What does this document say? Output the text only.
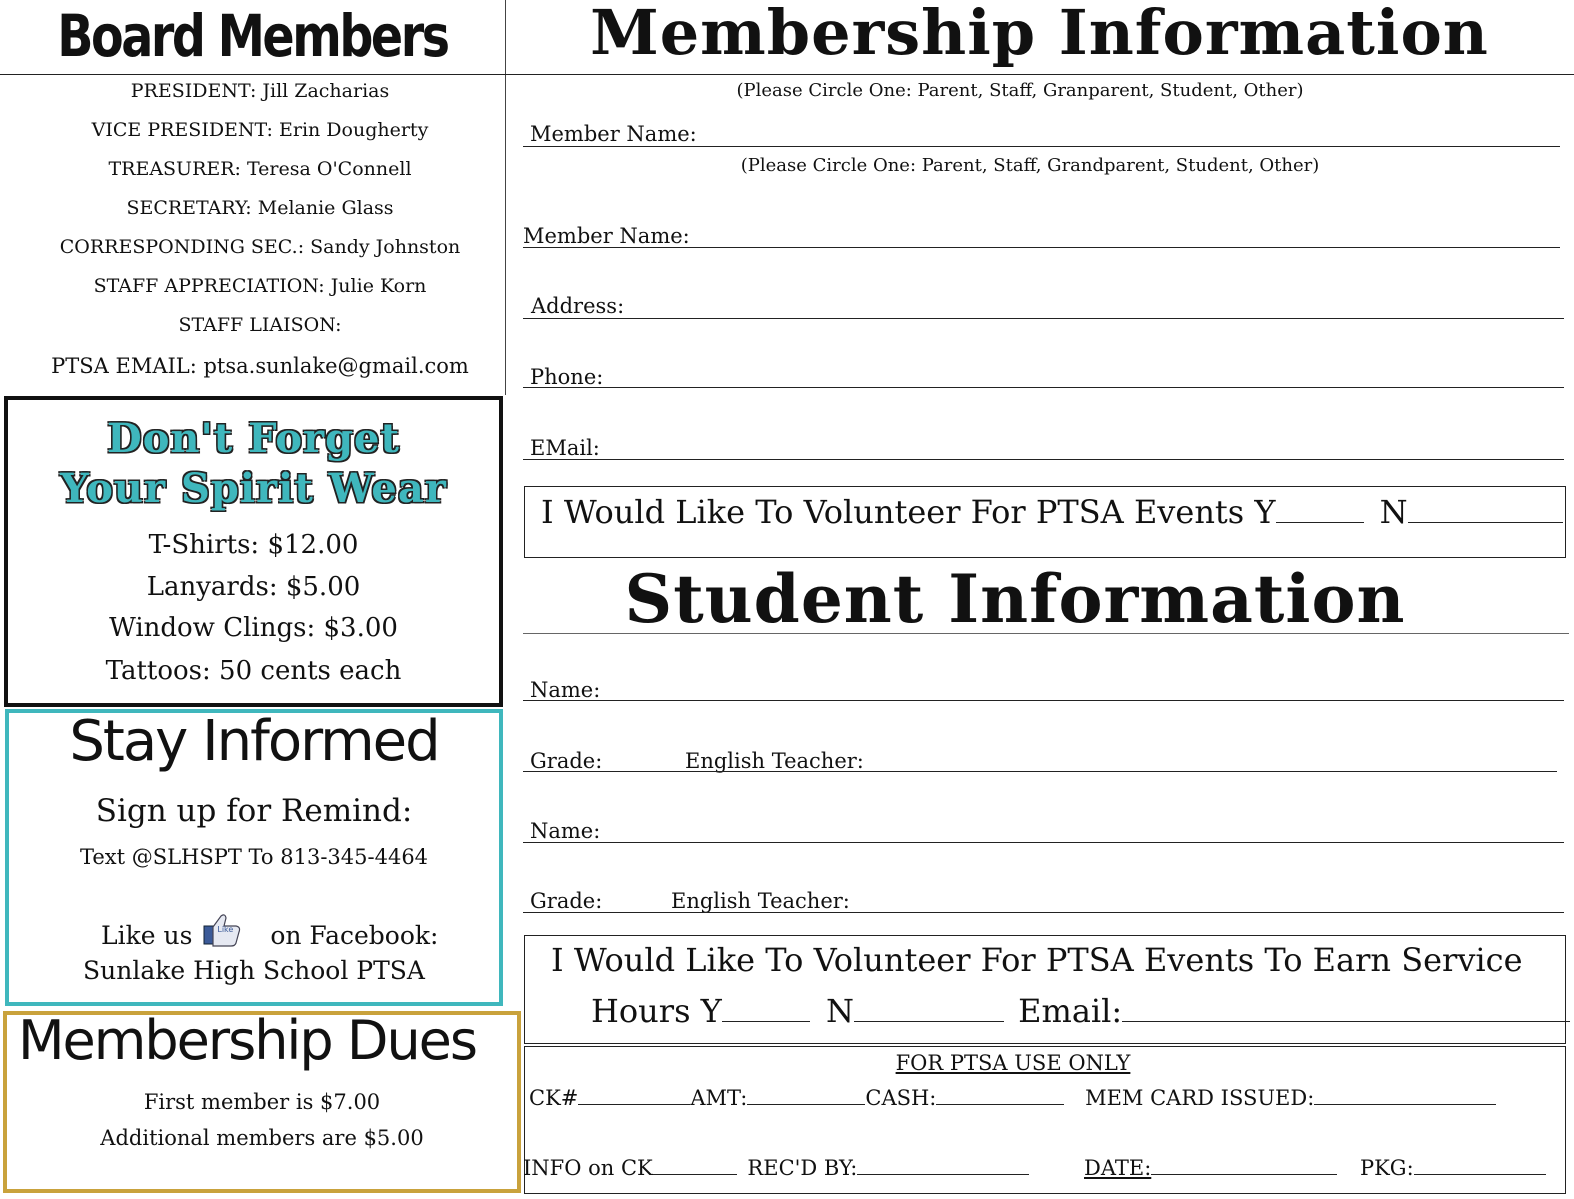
Board Members
PRESIDENT: Jill Zacharias
VICE PRESIDENT: Erin Dougherty
TREASURER: Teresa O'Connell
SECRETARY: Melanie Glass
CORRESPONDING SEC.: Sandy Johnston
STAFF APPRECIATION: Julie Korn
STAFF LIAISON:
PTSA EMAIL: ptsa.sunlake@gmail.com
Don't Forget
Your Spirit Wear
T-Shirts: $12.00
Lanyards: $5.00
Window Clings: $3.00
Tattoos: 50 cents each
Stay Informed
Sign up for Remind:
Text @SLHSPT To 813-345-4464
Like us	Like on Facebook:
Sunlake High School PTSA
Membership Dues
First member is $7.00
Additional members are $5.00
Membership Information
(Please Circle One: Parent, Staff, Granparent, Student, Other)
Member Name:
(Please Circle One: Parent, Staff, Grandparent, Student, Other)
Member Name:
Address:
Phone:
EMail:
I Would Like To Volunteer For PTSA Events Y	N
Student Information
Name:
Grade:	English Teacher:
Name:
Grade:	English Teacher:
I Would Like To Volunteer For PTSA Events To Earn Service
Hours Y	N	Email:
FOR PTSA USE ONLY
CK#	AMT:	CASH:	MEM CARD ISSUED:
INFO on CK	REC'D BY:	DATE:	PKG:
